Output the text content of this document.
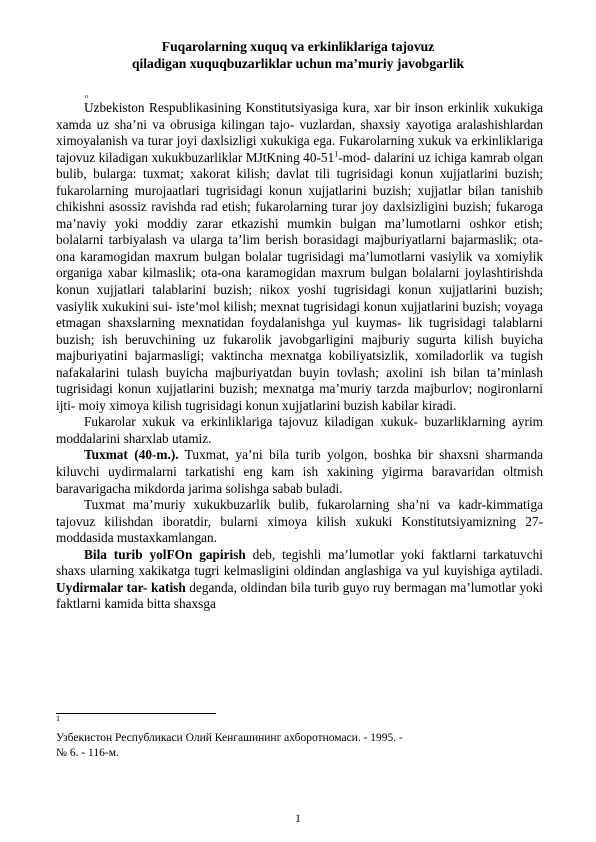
Fuqarolarning xuquq va erkinliklariga tajovuz
qiladigan xuquqbuzarliklar uchun ma’muriy javobgarlik
o

Uzbekiston Respublikasining Konstitutsiyasiga kura, xar bir inson erkinlik xukukiga xamda uz sha’ni va obrusiga kilingan tajo- vuzlardan, shaxsiy xayotiga aralashishlardan ximoyalanish va turar joyi daxlsizligi xukukiga ega. Fukarolarning xukuk va erkinliklariga tajovuz kiladigan xukukbuzarliklar MJtKning $40-51^1-mod-$ dalarini uz ichiga kamrab olgan bulib, bularga: tuxmat; xakorat kilish; davlat tili tugrisidagi konun xujjatlarini buzish; fukarolarning murojaatlari tugrisidagi konun xujjatlarini buzish; xujjatlar bilan tanishib chikishni asossiz ravishda rad etish; fukarolarning turar joy daxlsizligini buzish; fukaroga ma’naviy yoki moddiy zarar etkazishi mumkin bulgan ma’lumotlarni oshkor etish; bolalarni tarbiyalash va ularga ta’lim berish borasidagi majburiyatlarni bajarmaslik; ota-ona karamogidan maxrum bulgan bolalar tugrisidagi ma’lumotlarni vasiylik va xomiylik organiga xabar kilmaslik; ota-ona karamogidan maxrum bulgan bolalarni joylashtirishda konun xujjatlari talablarini buzish; nikox yoshi tugrisidagi konun xujjatlarini buzish; vasiylik xukukini sui- iste’mol kilish; mexnat tugrisidagi konun xujjatlarini buzish; voyaga etmagan shaxslarning mexnatidan foydalanishga yul kuymas- lik tugrisidagi talablarni buzish; ish beruvchining uz fukarolik javobgarligini majburiy sugurta kilish buyicha majburiyatini bajarmasligi; vaktincha mexnatga kobiliyatsizlik, xomiladorlik va tugish nafakalarini tulash buyicha majburiyatdan buyin tovlash; axolini ish bilan ta’minlash tugrisidagi konun xujjatlarini buzish; mexnatga ma’muriy tarzda majburlov; nogironlarni ijti- moiy ximoya kilish tugrisidagi konun xujjatlarini buzish kabilar kiradi.

Fukarolar xukuk va erkinliklariga tajovuz kiladigan xukuk- buzarliklarning ayrim moddalarini sharxlab utamiz.

Tuxmat (40-m.). Tuxmat, ya’ni bila turib yolgon, boshka bir shaxsni sharmanda kiluvchi uydirmalarni tarkatishi eng kam ish xakining yigirma baravaridan oltmish baravarigacha mikdorda jarima solishga sabab buladi.

Tuxmat ma’muriy xukukbuzarlik bulib, fukarolarning sha’ni va kadr-kimmatiga tajovuz kilishdan iboratdir, bularni ximoya kilish xukuki Konstitutsiyamizning 27-moddasida mustaxkamlangan.

Bila turib yolFOn gapirish deb, tegishli ma’lumotlar yoki faktlarni tarkatuvchi shaxs ularning xakikatga tugri kelmasligini oldindan anglashiga va yul kuyishiga aytiladi. Uydirmalar tar- katish deganda, oldindan bila turib guyo ruy bermagan ma’lumotlar yoki faktlarni kamida bitta shaxsga

$^1$
Узбекистон Республикаси Олий Кенгашининг ахборотномаси. - 1995. -
№ 6. - 116-м.
1
